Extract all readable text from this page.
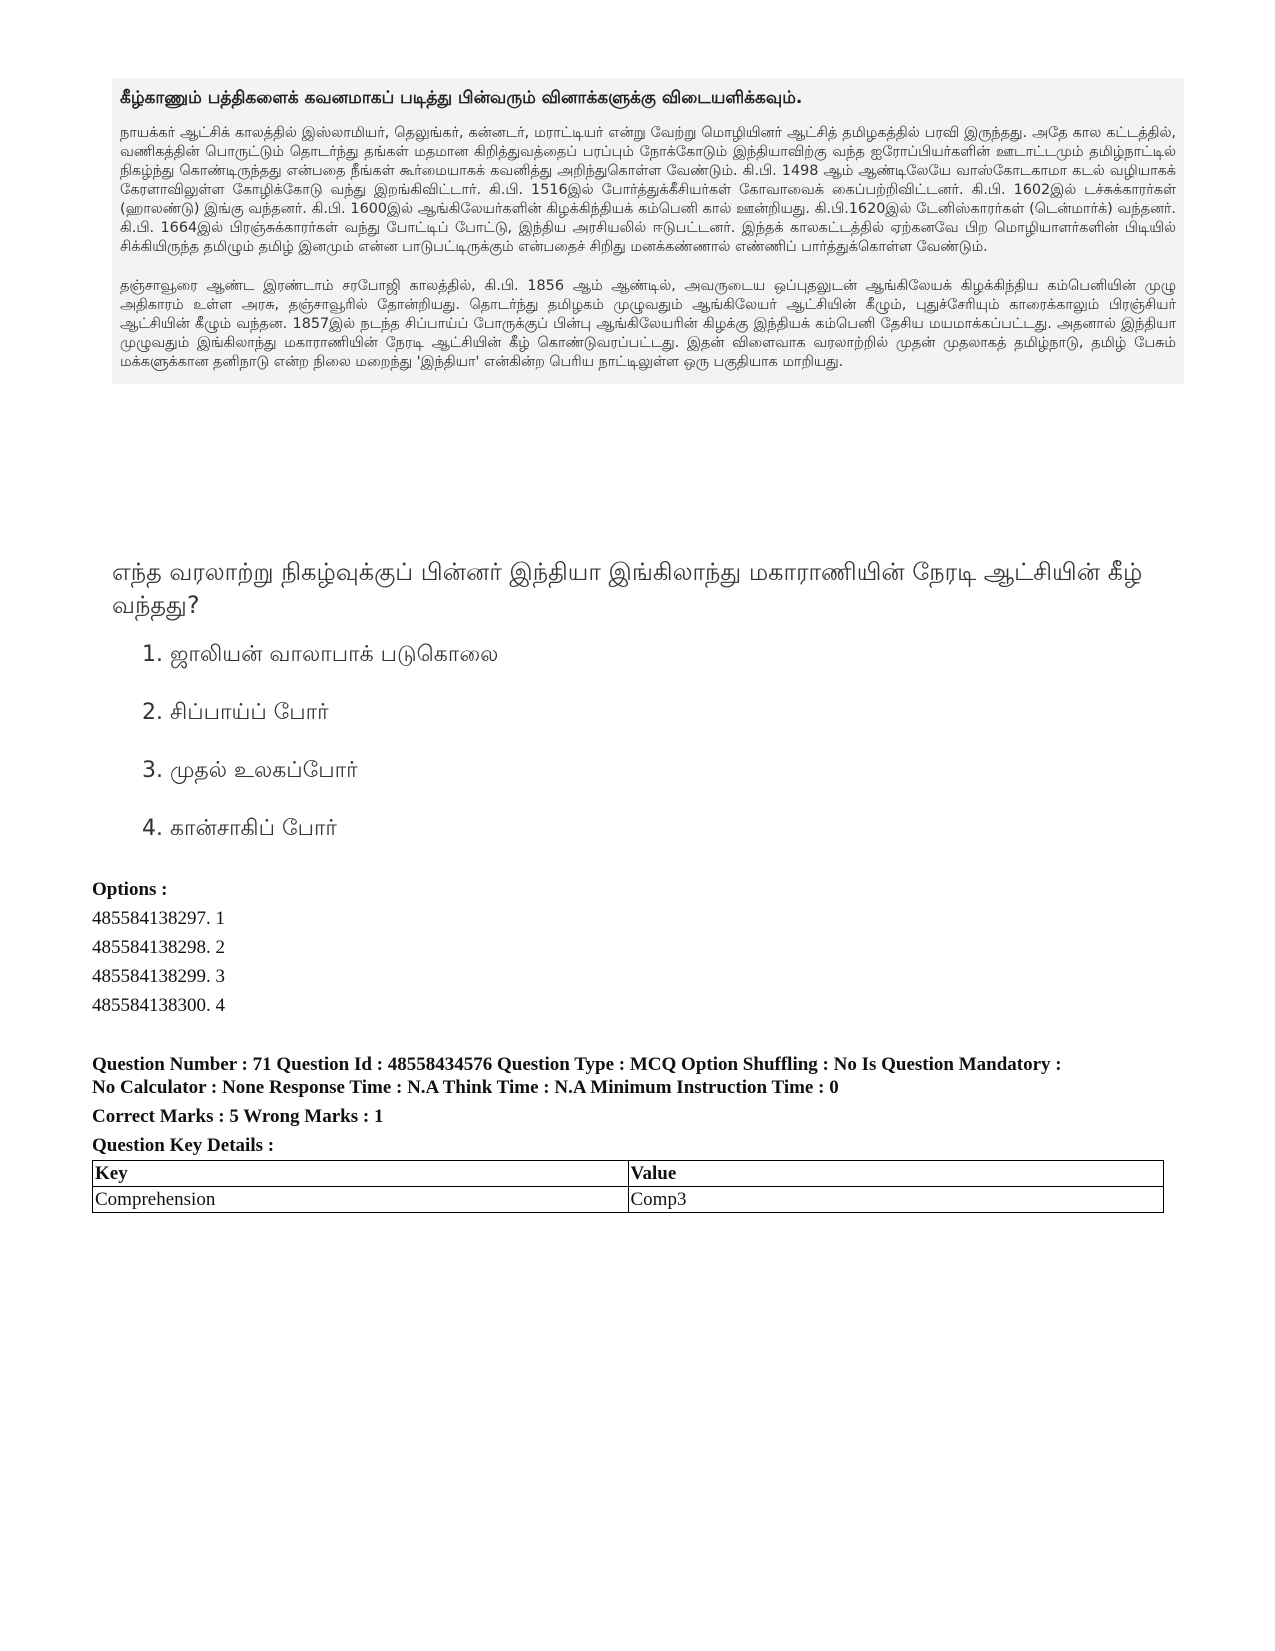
கீழ்காணும் பத்திகளைக் கவனமாகப் படித்து பின்வரும் வினாக்களுக்கு விடையளிக்கவும்.

நாயக்கர் ஆட்சிக் காலத்தில் இஸ்லாமியர், தெலுங்கர், கன்னடர், மராட்டியர் என்று வேற்று மொழியினர் ஆட்சித் தமிழகத்தில் பரவி இருந்தது. அதே கால கட்டத்தில், வணிகத்தின் பொருட்டும் தொடர்ந்து தங்கள் மதமான கிறித்துவத்தைப் பரப்பும் நோக்கோடும் இந்தியாவிற்கு வந்த ஐரோப்பியர்களின் ஊடாட்டமும் தமிழ்நாட்டில் நிகழ்ந்து கொண்டிருந்தது என்பதை நீங்கள் கூர்மையாகக் கவனித்து அறிந்துகொள்ள வேண்டும். கி.பி. 1498 ஆம் ஆண்டிலேயே வாஸ்கோடகாமா கடல் வழியாகக் கேரளாவிலுள்ள கோழிக்கோடு வந்து இறங்கிவிட்டார். கி.பி. 1516இல் போர்த்துக்கீசியர்கள் கோவாவைக் கைப்பற்றிவிட்டனர். கி.பி. 1602இல் டச்சுக்காரர்கள் (ஹாலண்டு) இங்கு வந்தனர். கி.பி. 1600இல் ஆங்கிலேயர்களின் கிழக்கிந்தியக் கம்பெனி கால் ஊன்றியது. கி.பி.1620இல் டேனிஸ்காரர்கள் (டென்மார்க்) வந்தனர். கி.பி. 1664இல் பிரஞ்சுக்காரர்கள் வந்து போட்டிப் போட்டு, இந்திய அரசியலில் ஈடுபட்டனர். இந்தக் காலகட்டத்தில் ஏற்கனவே பிற மொழியாளர்களின் பிடியில் சிக்கியிருந்த தமிழும் தமிழ் இனமும் என்ன பாடுபட்டிருக்கும் என்பதைச் சிறிது மனக்கண்ணால் எண்ணிப் பார்த்துக்கொள்ள வேண்டும்.

தஞ்சாவூரை ஆண்ட இரண்டாம் சரபோஜி காலத்தில், கி.பி. 1856 ஆம் ஆண்டில், அவருடைய ஒப்புதலுடன் ஆங்கிலேயக் கிழக்கிந்திய கம்பெனியின் முழு அதிகாரம் உள்ள அரசு, தஞ்சாவூரில் தோன்றியது. தொடர்ந்து தமிழகம் முழுவதும் ஆங்கிலேயர் ஆட்சியின் கீழும், புதுச்சேரியும் காரைக்காலும் பிரஞ்சியர் ஆட்சியின் கீழும் வந்தன. 1857இல் நடந்த சிப்பாய்ப் போருக்குப் பின்பு ஆங்கிலேயரின் கிழக்கு இந்தியக் கம்பெனி தேசிய மயமாக்கப்பட்டது. அதனால் இந்தியா முழுவதும் இங்கிலாந்து மகாராணியின் நேரடி ஆட்சியின் கீழ் கொண்டுவரப்பட்டது. இதன் விளைவாக வரலாற்றில் முதன் முதலாகத் தமிழ்நாடு, தமிழ் பேசும் மக்களுக்கான தனிநாடு என்ற நிலை மறைந்து 'இந்தியா' என்கின்ற பெரிய நாட்டிலுள்ள ஒரு பகுதியாக மாறியது.

எந்த வரலாற்று நிகழ்வுக்குப் பின்னர் இந்தியா இங்கிலாந்து மகாராணியின் நேரடி ஆட்சியின் கீழ் வந்தது?

1. ஜாலியன் வாலாபாக் படுகொலை
2. சிப்பாய்ப் போர்
3. முதல் உலகப்போர்
4. கான்சாகிப் போர்
Options :
485584138297. 1
485584138298. 2
485584138299. 3
485584138300. 4

Question Number : 71 Question Id : 48558434576 Question Type : MCQ Option Shuffling : No Is Question Mandatory :

No Calculator : None Response Time : N.A Think Time : N.A Minimum Instruction Time : 0

Correct Marks : 5 Wrong Marks : 1

Question Key Details :

Key	Value
Comprehension	Comp3
